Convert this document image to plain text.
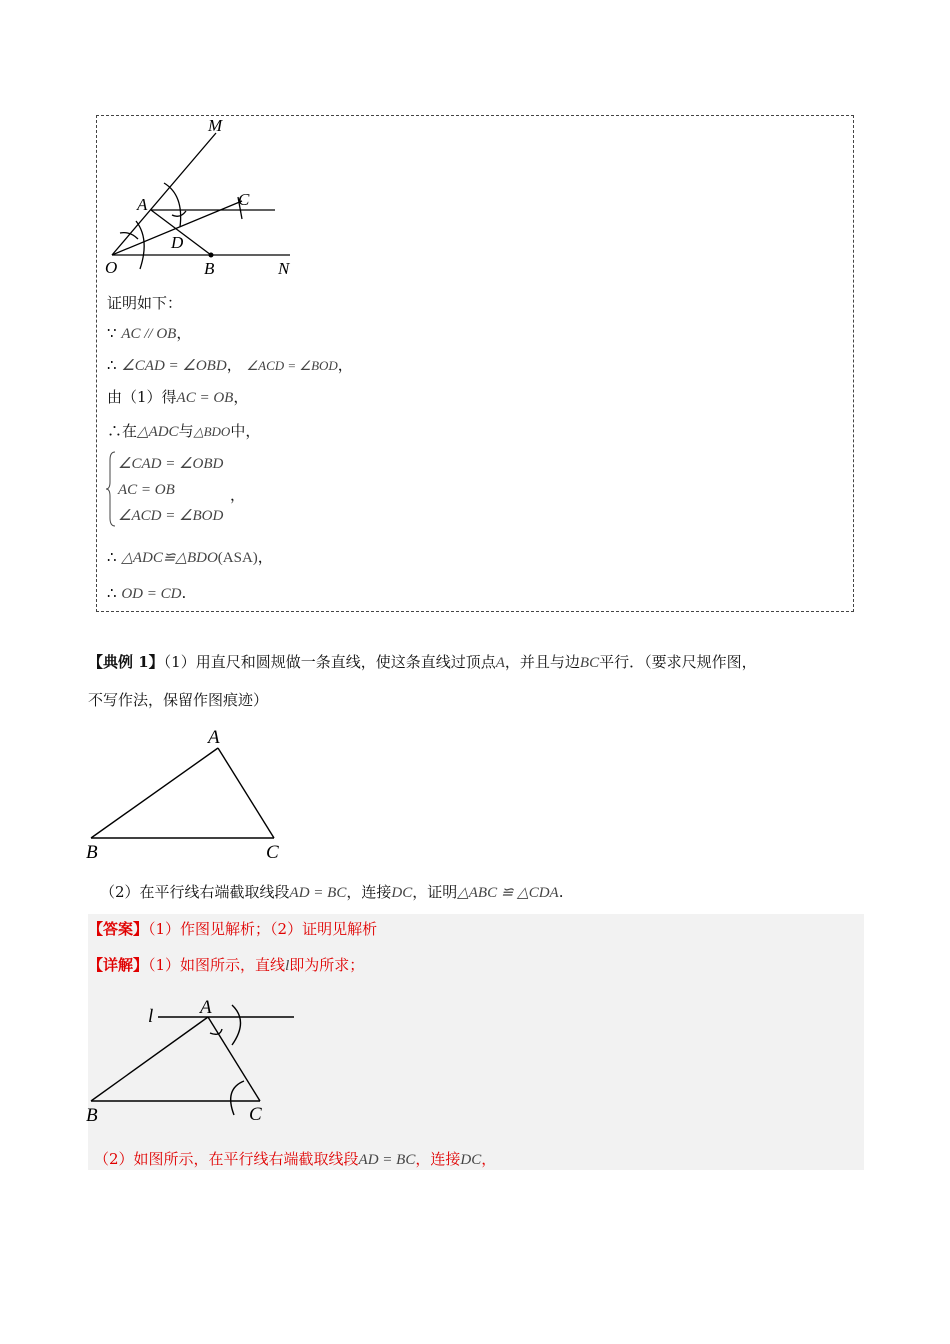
M
A	C
D
O	B	N
证明如下：
∵ AC // OB，
∴ ∠CAD = ∠OBD， ∠ACD = ∠BOD，
由（1）得AC = OB，
∴在△ADC与△BDO中，
∠CAD = ∠OBD
AC = OB
∠ACD = ∠BOD
，
∴ △ADC≌△BDO(ASA)，
∴ OD = CD.
【典例 1】（1）用直尺和圆规做一条直线，使这条直线过顶点A，并且与边BC平行．（要求尺规作图，
不写作法，保留作图痕迹）
A
B	C
（2）在平行线右端截取线段AD = BC，连接DC，证明△ABC ≌ △CDA.
【答案】（1）作图见解析；（2）证明见解析
【详解】（1）如图所示，直线l即为所求；
l A
B	C
（2）如图所示，在平行线右端截取线段AD = BC，连接DC，
